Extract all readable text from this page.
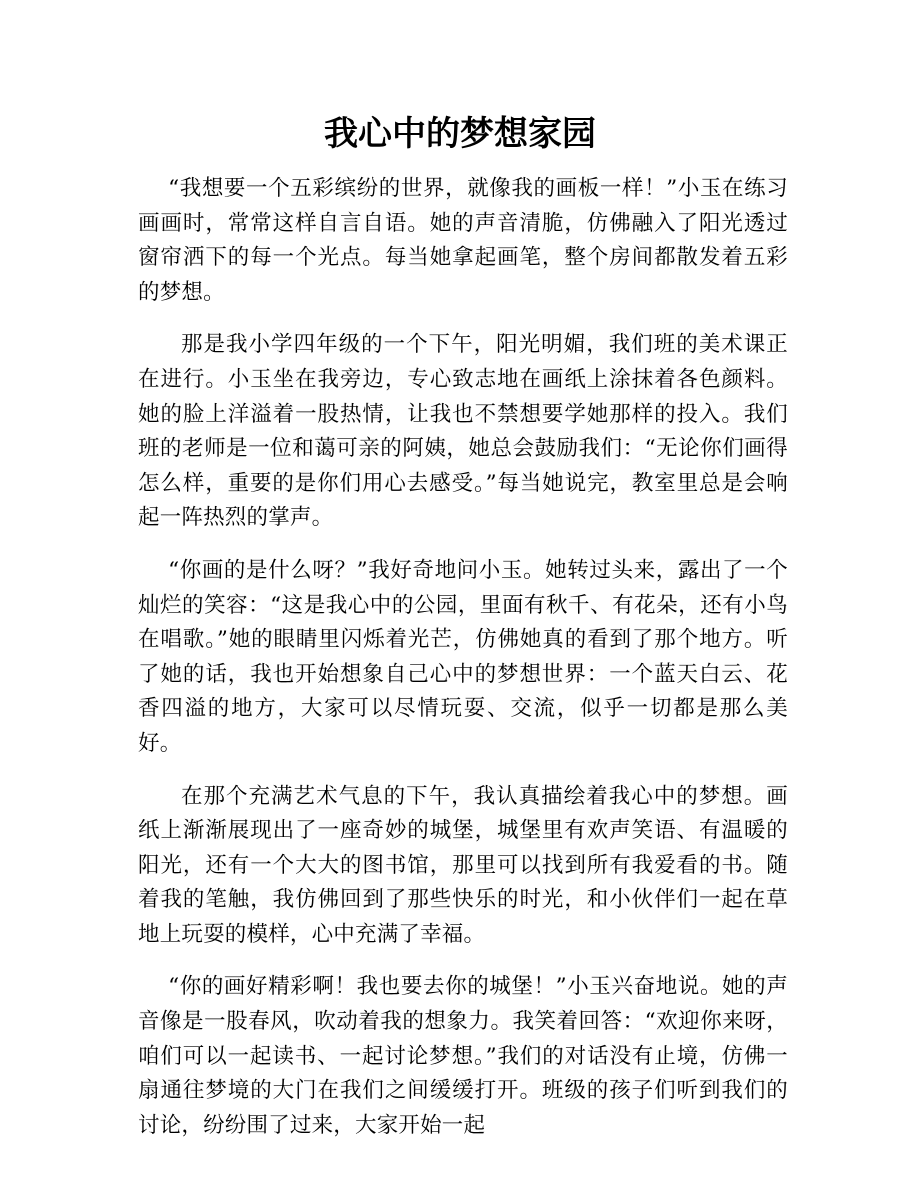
我心中的梦想家园

“我想要一个五彩缤纷的世界，就像我的画板一样！”小玉在练习画画时，常常这样自言自语。她的声音清脆，仿佛融入了阳光透过窗帘洒下的每一个光点。每当她拿起画笔，整个房间都散发着五彩的梦想。

那是我小学四年级的一个下午，阳光明媚，我们班的美术课正在进行。小玉坐在我旁边，专心致志地在画纸上涂抹着各色颜料。她的脸上洋溢着一股热情，让我也不禁想要学她那样的投入。我们班的老师是一位和蔼可亲的阿姨，她总会鼓励我们：“无论你们画得怎么样，重要的是你们用心去感受。”每当她说完，教室里总是会响起一阵热烈的掌声。

“你画的是什么呀？”我好奇地问小玉。她转过头来，露出了一个灿烂的笑容：“这是我心中的公园，里面有秋千、有花朵，还有小鸟在唱歌。”她的眼睛里闪烁着光芒，仿佛她真的看到了那个地方。听了她的话，我也开始想象自己心中的梦想世界：一个蓝天白云、花香四溢的地方，大家可以尽情玩耍、交流，似乎一切都是那么美好。

在那个充满艺术气息的下午，我认真描绘着我心中的梦想。画纸上渐渐展现出了一座奇妙的城堡，城堡里有欢声笑语、有温暖的阳光，还有一个大大的图书馆，那里可以找到所有我爱看的书。随着我的笔触，我仿佛回到了那些快乐的时光，和小伙伴们一起在草地上玩耍的模样，心中充满了幸福。

“你的画好精彩啊！我也要去你的城堡！”小玉兴奋地说。她的声音像是一股春风，吹动着我的想象力。我笑着回答：“欢迎你来呀，咱们可以一起读书、一起讨论梦想。”我们的对话没有止境，仿佛一扇通往梦境的大门在我们之间缓缓打开。班级的孩子们听到我们的讨论，纷纷围了过来，大家开始一起
